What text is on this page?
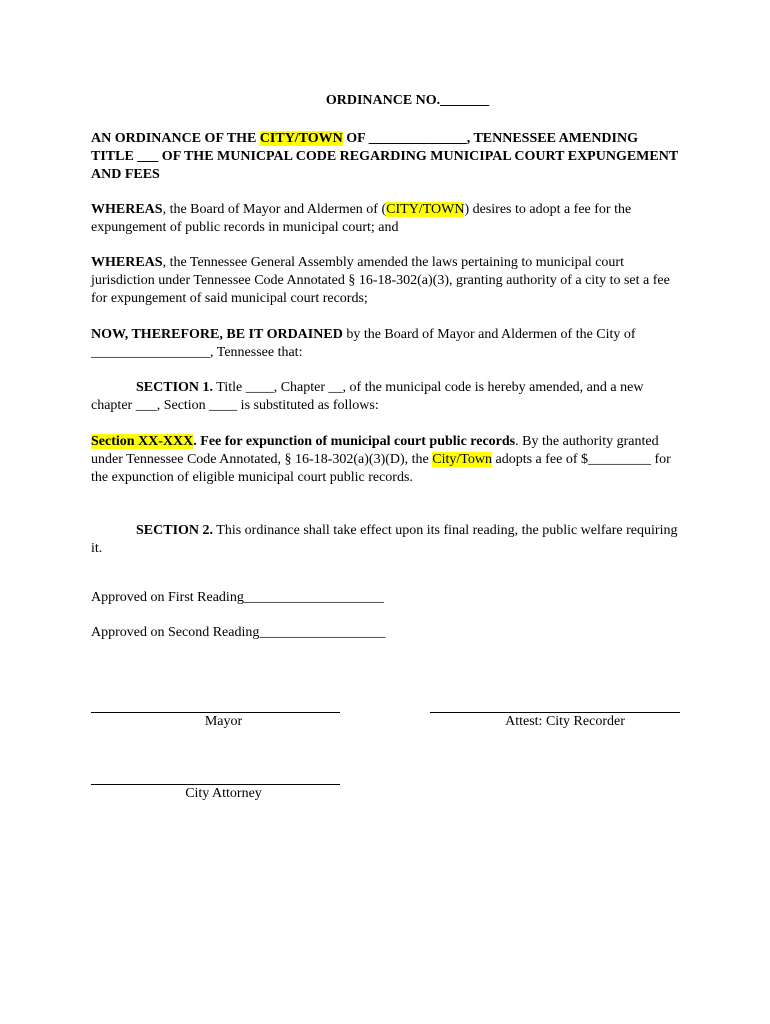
ORDINANCE NO._______
AN ORDINANCE OF THE CITY/TOWN OF ______________, TENNESSEE AMENDING TITLE ___ OF THE MUNICPAL CODE REGARDING MUNICIPAL COURT EXPUNGEMENT AND FEES
WHEREAS, the Board of Mayor and Aldermen of (CITY/TOWN) desires to adopt a fee for the expungement of public records in municipal court; and
WHEREAS, the Tennessee General Assembly amended the laws pertaining to municipal court jurisdiction under Tennessee Code Annotated § 16-18-302(a)(3), granting authority of a city to set a fee for expungement of said municipal court records;
NOW, THEREFORE, BE IT ORDAINED by the Board of Mayor and Aldermen of the City of _________________, Tennessee that:
SECTION 1. Title ____, Chapter __, of the municipal code is hereby amended, and a new chapter ___, Section ____ is substituted as follows:
Section XX-XXX. Fee for expunction of municipal court public records. By the authority granted under Tennessee Code Annotated, § 16-18-302(a)(3)(D), the City/Town adopts a fee of $_________ for the expunction of eligible municipal court public records.
SECTION 2. This ordinance shall take effect upon its final reading, the public welfare requiring it.
Approved on First Reading____________________
Approved on Second Reading__________________
Mayor	Attest: City Recorder
City Attorney
